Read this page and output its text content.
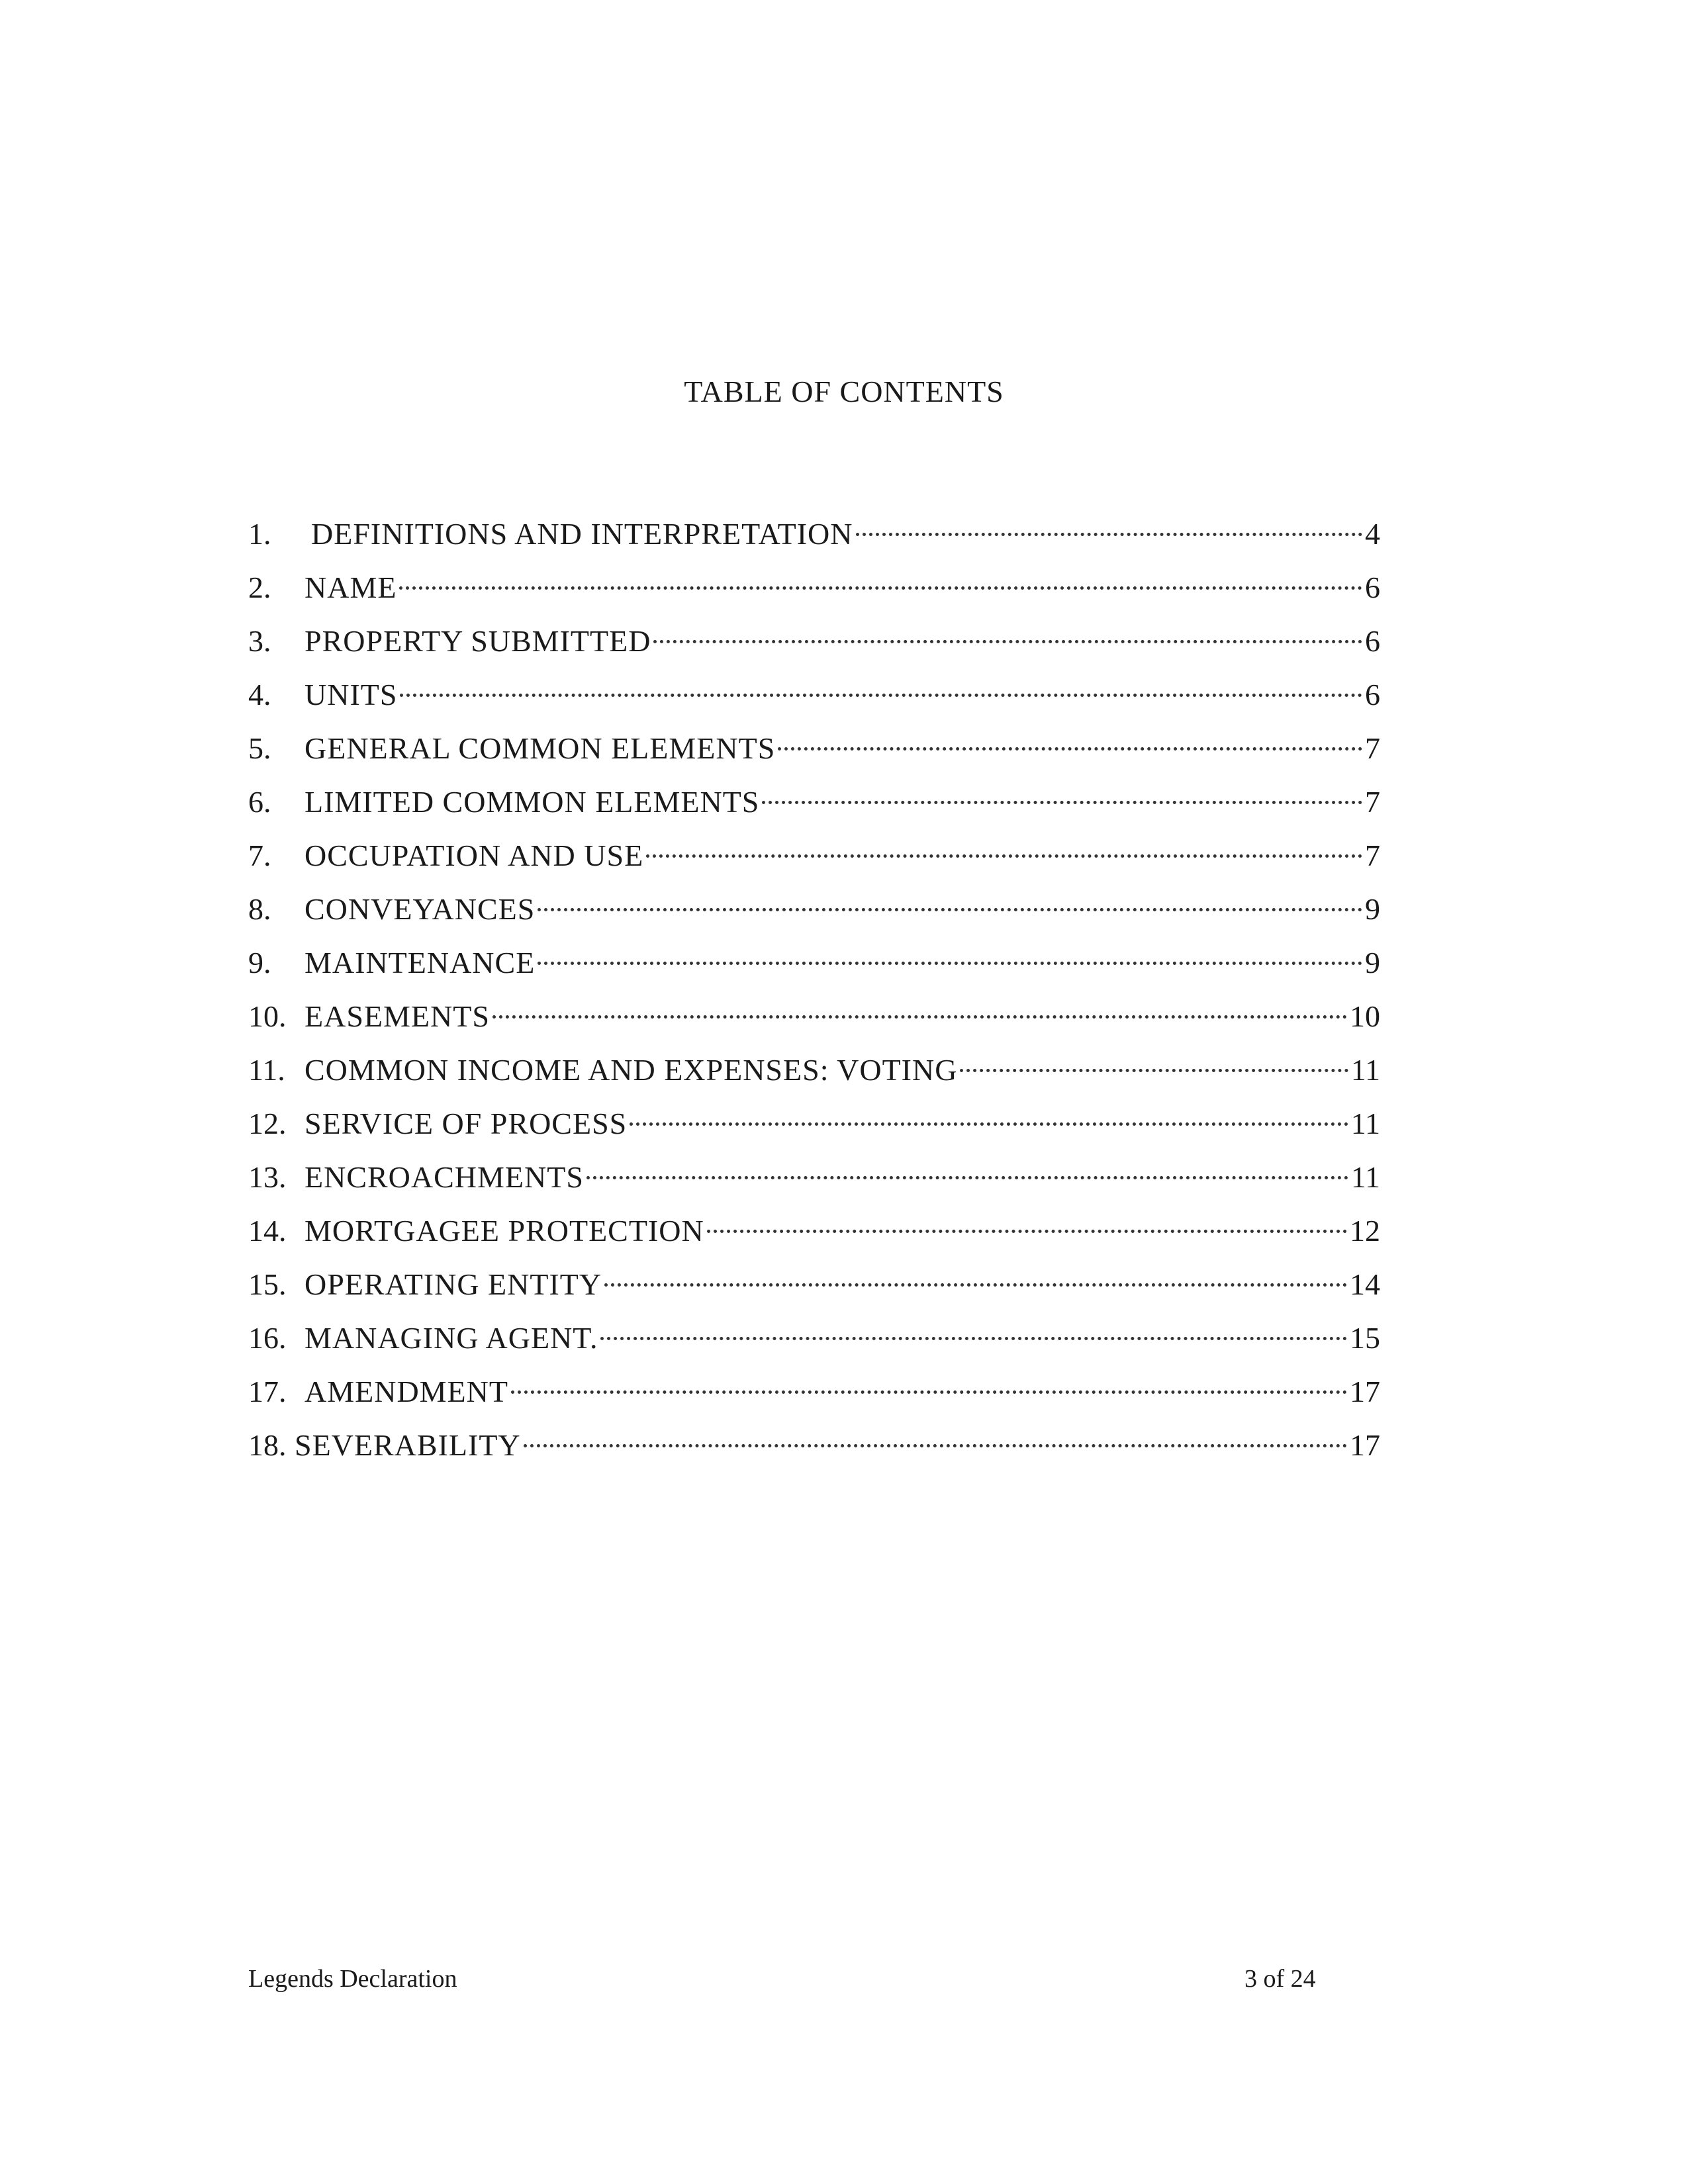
TABLE OF CONTENTS
1.	DEFINITIONS AND INTERPRETATION	4
2.	NAME	6
3.	PROPERTY SUBMITTED	6
4.	UNITS	6
5.	GENERAL COMMON ELEMENTS	7
6.	LIMITED COMMON ELEMENTS	7
7.	OCCUPATION AND USE	7
8.	CONVEYANCES	9
9.	MAINTENANCE	9
10. EASEMENTS	10
11. COMMON INCOME AND EXPENSES: VOTING	11
12. SERVICE OF PROCESS	11
13. ENCROACHMENTS	11
14. MORTGAGEE PROTECTION	12
15. OPERATING ENTITY	14
16. MANAGING AGENT.	15
17. AMENDMENT	17
18. SEVERABILITY	17
Legends Declaration	3 of 24
